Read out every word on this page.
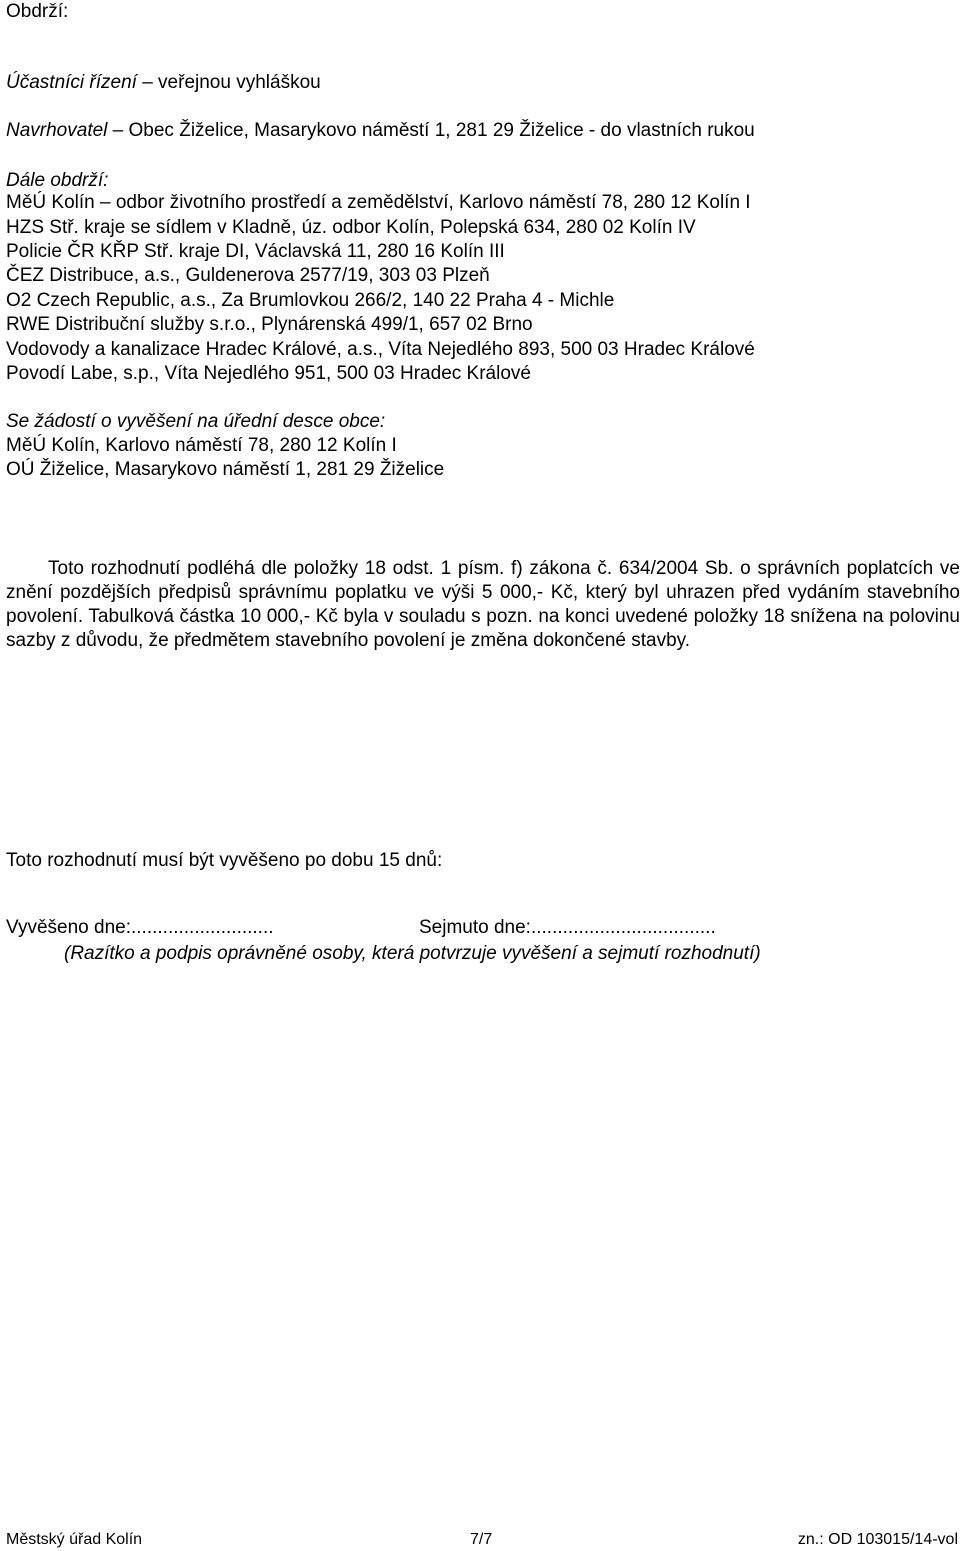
Obdrží:
Účastníci řízení – veřejnou vyhláškou
Navrhovatel – Obec Žiželice, Masarykovo náměstí 1, 281 29 Žiželice - do vlastních rukou
Dále obdrží:
MěÚ Kolín – odbor životního prostředí a zemědělství, Karlovo náměstí 78, 280 12 Kolín I
HZS Stř. kraje se sídlem v Kladně, úz. odbor Kolín, Polepská 634, 280 02 Kolín IV
Policie ČR KŘP Stř. kraje DI, Václavská 11, 280 16 Kolín III
ČEZ Distribuce, a.s., Guldenerova 2577/19, 303 03 Plzeň
O2 Czech Republic, a.s., Za Brumlovkou 266/2, 140 22 Praha 4 - Michle
RWE Distribuční služby s.r.o., Plynárenská 499/1, 657 02 Brno
Vodovody a kanalizace Hradec Králové, a.s., Víta Nejedlého 893, 500 03 Hradec Králové
Povodí Labe, s.p., Víta Nejedlého 951, 500 03 Hradec Králové
Se žádostí o vyvěšení na úřední desce obce:
MěÚ Kolín, Karlovo náměstí 78, 280 12 Kolín I
OÚ Žiželice, Masarykovo náměstí 1, 281 29 Žiželice
Toto rozhodnutí podléhá dle položky 18 odst. 1 písm. f) zákona č. 634/2004 Sb. o správních poplatcích ve znění pozdějších předpisů správnímu poplatku ve výši 5 000,- Kč, který byl uhrazen před vydáním stavebního povolení. Tabulková částka 10 000,- Kč byla v souladu s pozn. na konci uvedené položky 18 snížena na polovinu sazby z důvodu, že předmětem stavebního povolení je změna dokončené stavby.
Toto rozhodnutí musí být vyvěšeno po dobu 15 dnů:
Vyvěšeno dne:...........................	Sejmuto dne:...................................
(Razítko a podpis oprávněné osoby, která potvrzuje vyvěšení a sejmutí rozhodnutí)
Městský úřad Kolín	7/7	zn.: OD 103015/14-vol
